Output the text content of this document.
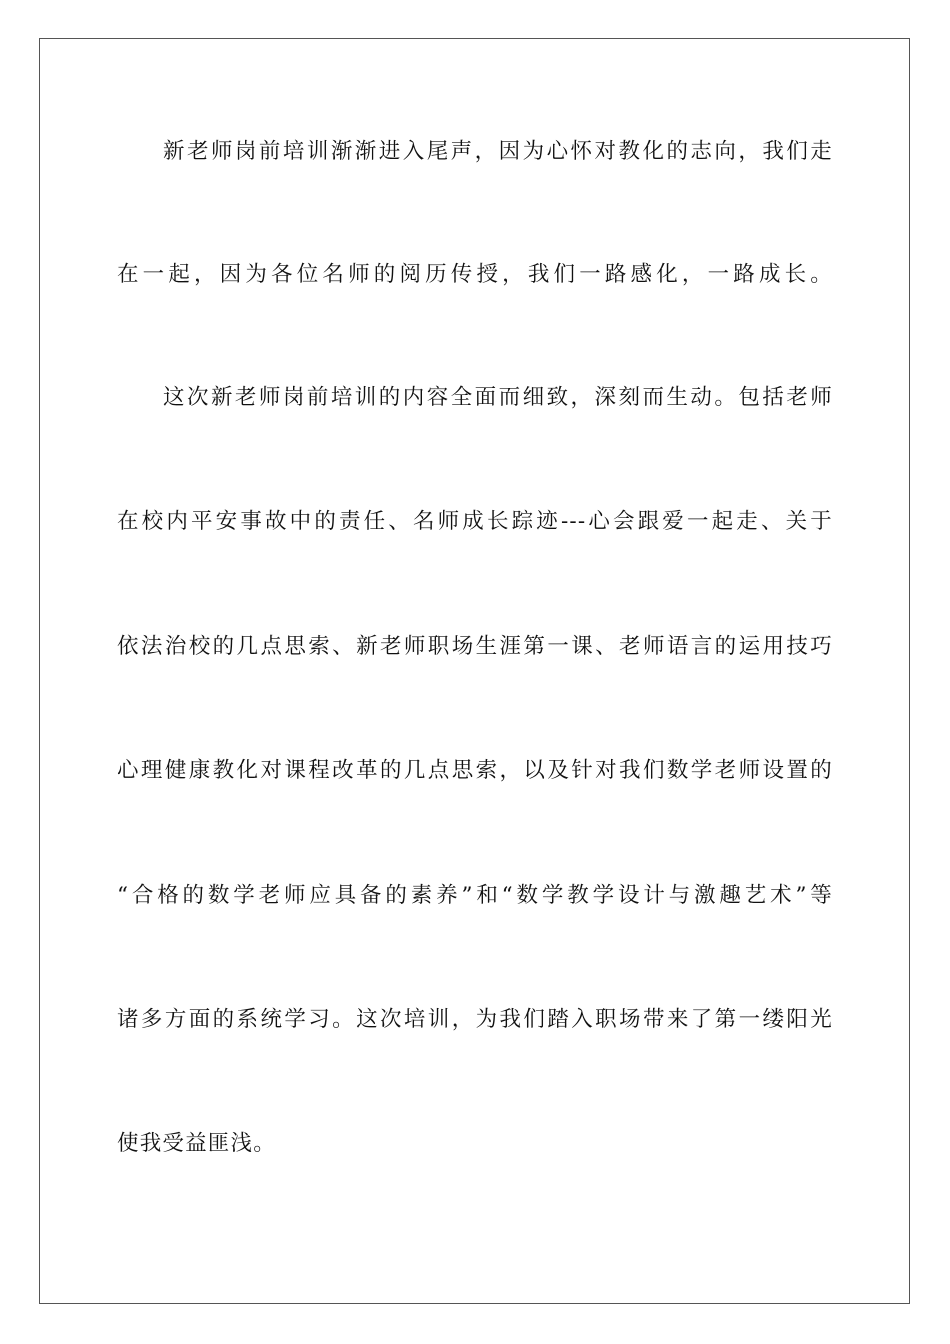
新老师岗前培训渐渐进入尾声，因为心怀对教化的志向，我们走
在一起，因为各位名师的阅历传授，我们一路感化，一路成长。
这次新老师岗前培训的内容全面而细致，深刻而生动。包括老师
在校内平安事故中的责任、名师成长踪迹---心会跟爱一起走、关于
依法治校的几点思索、新老师职场生涯第一课、老师语言的运用技巧
心理健康教化对课程改革的几点思索，以及针对我们数学老师设置的
“合格的数学老师应具备的素养”和“数学教学设计与激趣艺术”等
诸多方面的系统学习。这次培训，为我们踏入职场带来了第一缕阳光
使我受益匪浅。
